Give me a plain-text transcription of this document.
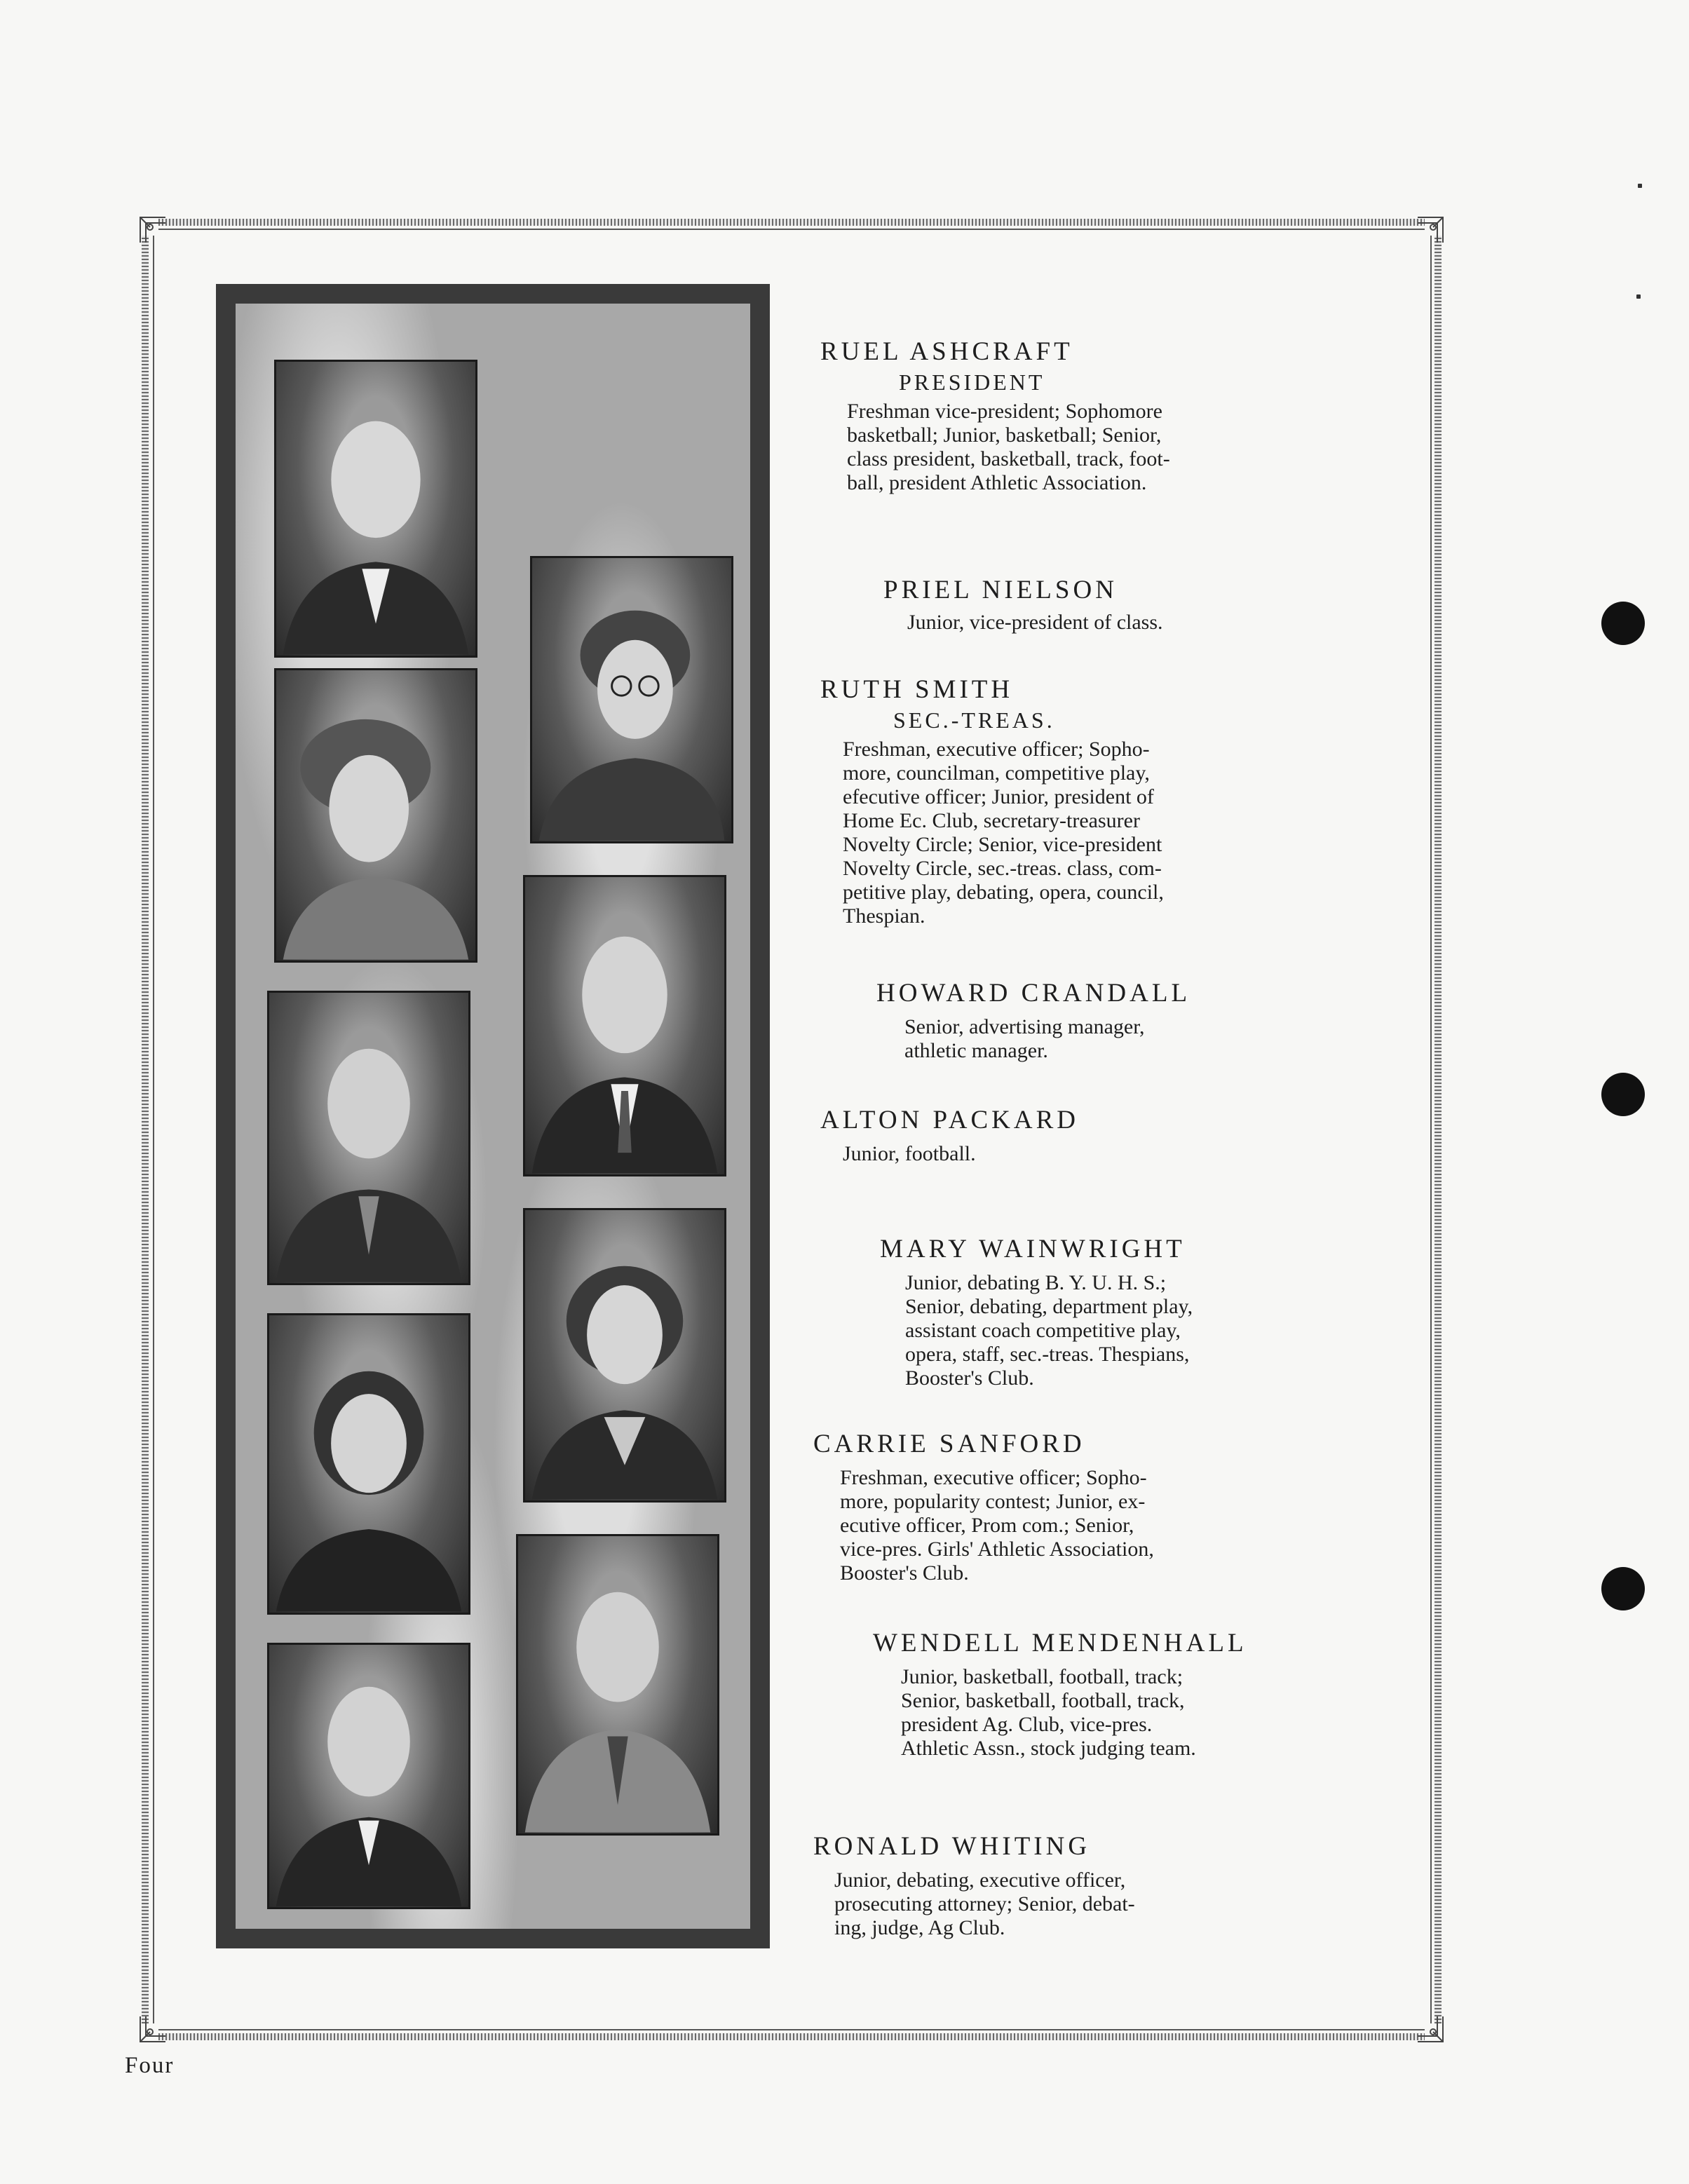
RUEL ASHCRAFT
PRESIDENT

Freshman vice-president; Sophomore
basketball; Junior, basketball; Senior,
class president, basketball, track, foot-
ball, president Athletic Association.

PRIEL NIELSON

Junior, vice-president of class.

RUTH SMITH
SEC.-TREAS.

Freshman, executive officer; Sopho-
more, councilman, competitive play,
efecutive officer; Junior, president of
Home Ec. Club, secretary-treasurer
Novelty Circle; Senior, vice-president
Novelty Circle, sec.-treas. class, com-
petitive play, debating, opera, council,
Thespian.

HOWARD CRANDALL

Senior, advertising manager,
athletic manager.

ALTON PACKARD

Junior, football.

MARY WAINWRIGHT

Junior, debating B. Y. U. H. S.;
Senior, debating, department play,
assistant coach competitive play,
opera, staff, sec.-treas. Thespians,
Booster's Club.

CARRIE SANFORD

Freshman, executive officer; Sopho-
more, popularity contest; Junior, ex-
ecutive officer, Prom com.; Senior,
vice-pres. Girls' Athletic Association,
Booster's Club.

WENDELL MENDENHALL

Junior, basketball, football, track;
Senior, basketball, football, track,
president Ag. Club, vice-pres.
Athletic Assn., stock judging team.

RONALD WHITING

Junior, debating, executive officer,
prosecuting attorney; Senior, debat-
ing, judge, Ag Club.

Four
